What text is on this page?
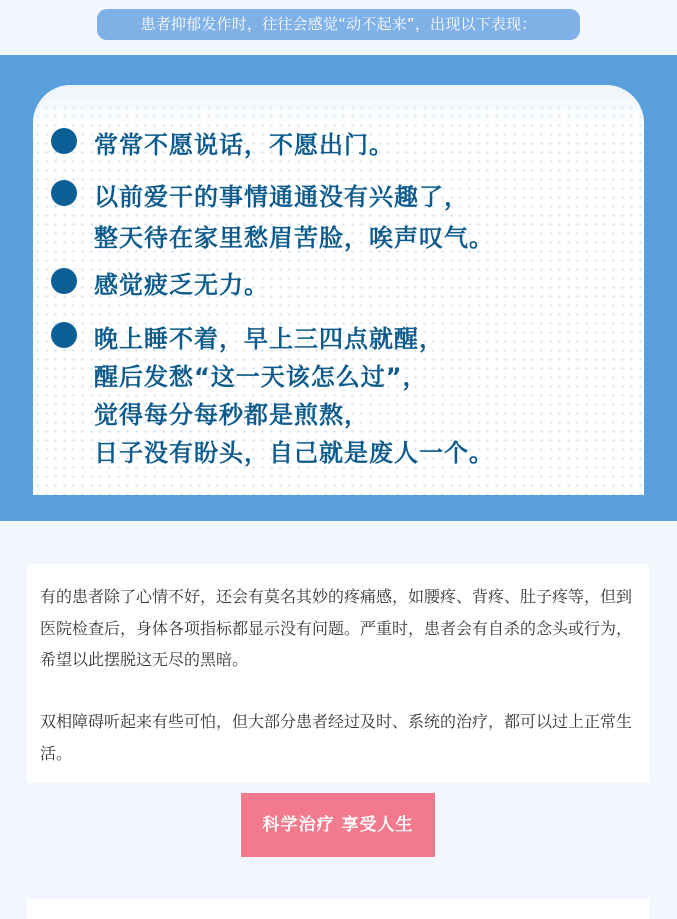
患者抑郁发作时，往往会感觉“动不起来”，出现以下表现：
常常不愿说话，不愿出门。
以前爱干的事情通通没有兴趣了，
整天待在家里愁眉苦脸，唉声叹气。
感觉疲乏无力。
晚上睡不着，早上三四点就醒，
醒后发愁“这一天该怎么过”，
觉得每分每秒都是煎熬，
日子没有盼头，自己就是废人一个。

有的患者除了心情不好，还会有莫名其妙的疼痛感，如腰疼、背疼、肚子疼等，但到医院检查后，身体各项指标都显示没有问题。严重时，患者会有自杀的念头或行为，希望以此摆脱这无尽的黑暗。

双相障碍听起来有些可怕，但大部分患者经过及时、系统的治疗，都可以过上正常生活。

科学治疗 享受人生
